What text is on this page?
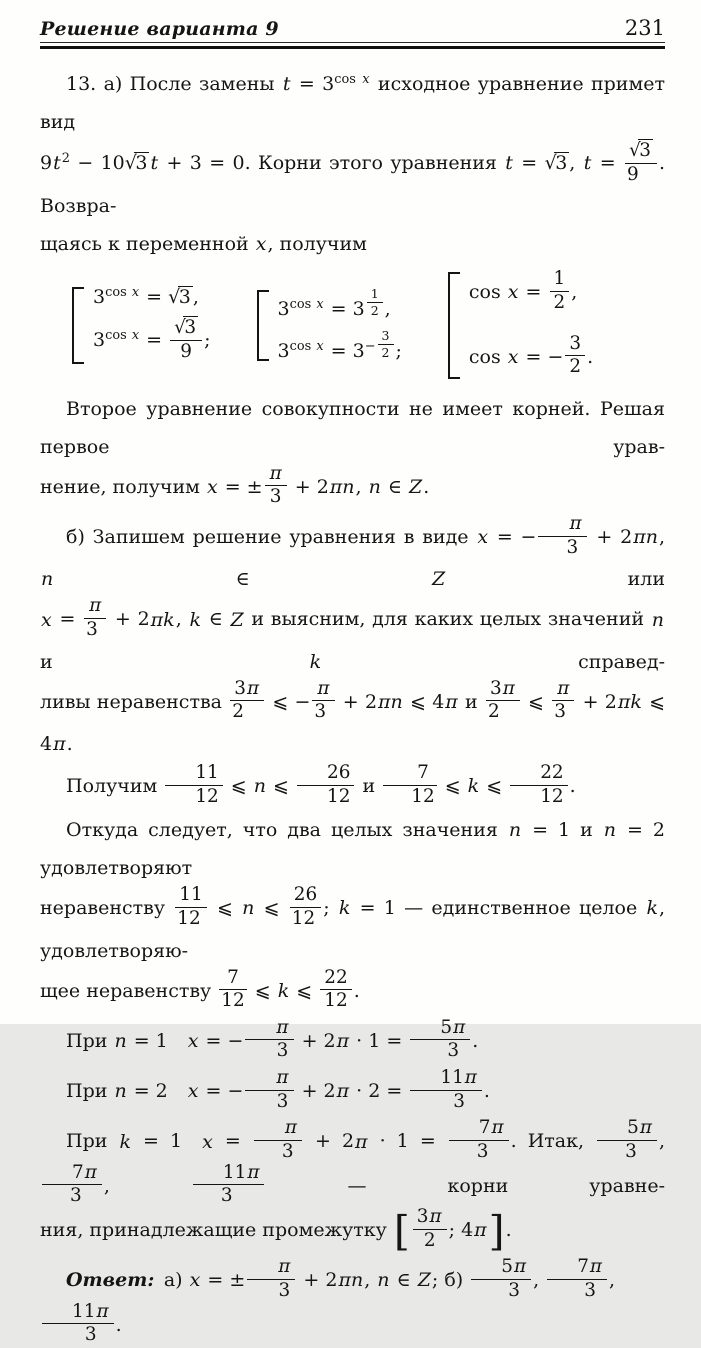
Решение варианта 9	231
13. а) После замены $t = 3^{cos x}$ исходное уравнение примет вид
$9t^2 - 10√3$ t + 3 = 0. Корни этого уравнения t = √3 , $t = \frac{√3}{9}$ . Возвра-
щаясь к переменной x, получим
$3^{cos x} = √3$ ,
$3^{cos x} = \frac{√3}{9}$ ;
$3^{cos x} = 3$ $^{\frac{1}{2}}$ ,
$3^{cos x} = 3^{- \frac{3}{2}}$ ;
$\cos x = \frac{1}{2}$ ,
cos x = − $\frac{3}{2}$ .
Второе уравнение совокупности не имеет корней. Решая первое урав-
нение, получим x = ± $\frac{\pi}{3} + 2\pi n$, n ∈ Z.
б) Запишем решение уравнения в виде x = − $\frac{\pi}{3} + 2\pi n$, n ∈ Z или
$x = \frac{\pi}{3} + 2\pi k$, k ∈ Z и выясним, для каких целых значений n и k справед-
ливы неравенства $\frac{3\pi}{2}$ ⩽ − $\frac{\pi}{3} + 2\pi n$ ⩽ 4π и $\frac{3\pi}{2}$ ⩽ $\frac{\pi}{3} + 2\pi k$ ⩽ 4π.
Получим $\frac{11}{12}$ ⩽ n ⩽ $\frac{26}{12}$ и $\frac{7}{12}$ ⩽ k ⩽ $\frac{22}{12}$ .
Откуда следует, что два целых значения n = 1 и n = 2 удовлетворяют
неравенству $\frac{11}{12}$ ⩽ n ⩽ $\frac{26}{12}$ ; k = 1 — единственное целое k, удовлетворяю-
щее неравенству $\frac{7}{12}$ ⩽ k ⩽ $\frac{22}{12}$ .
При n = 1  x = − $\frac{\pi}{3} + 2\pi \cdot 1 = \frac{5\pi}{3}$ .
При n = 2  x = − $\frac{\pi}{3} + 2\pi \cdot 2 = \frac{11\pi}{3}$ .
При k = 1  $x = \frac{\pi}{3} + 2\pi \cdot 1 = \frac{7\pi}{3}$ . Итак, $\frac{5\pi}{3}$ ,
$\frac{7\pi}{3}$ , $\frac{11\pi}{3}$ — корни уравне-
ния, принадлежащие промежутку [ $\frac{3\pi}{2}$ ; 4π].
Ответ: а) x = ± $\frac{\pi}{3} + 2\pi n$, n ∈ Z; $б) \frac{5\pi}{3}$ , $\frac{7\pi}{3}$ ,
$\frac{11\pi}{3}$ .
